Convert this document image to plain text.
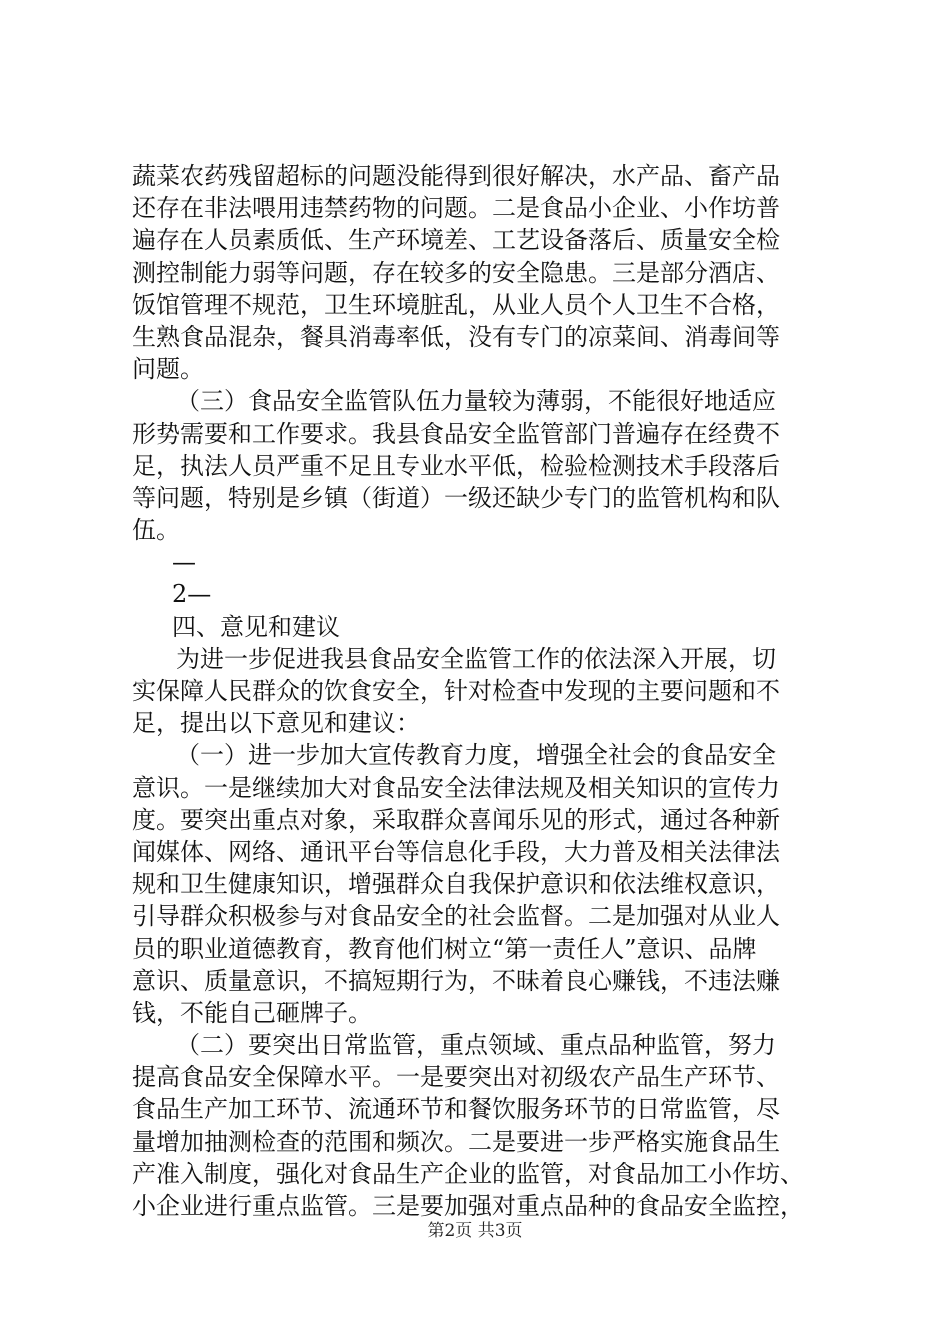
蔬菜农药残留超标的问题没能得到很好解决，水产品、畜产品
还存在非法喂用违禁药物的问题。二是食品小企业、小作坊普
遍存在人员素质低、生产环境差、工艺设备落后、质量安全检
测控制能力弱等问题，存在较多的安全隐患。三是部分酒店、
饭馆管理不规范，卫生环境脏乱，从业人员个人卫生不合格，
生熟食品混杂，餐具消毒率低，没有专门的凉菜间、消毒间等
问题。
（三）食品安全监管队伍力量较为薄弱，不能很好地适应
形势需要和工作要求。我县食品安全监管部门普遍存在经费不
足，执法人员严重不足且专业水平低，检验检测技术手段落后
等问题，特别是乡镇（街道）一级还缺少专门的监管机构和队
伍。
—
2—
四、意见和建议
为进一步促进我县食品安全监管工作的依法深入开展，切
实保障人民群众的饮食安全，针对检查中发现的主要问题和不
足，提出以下意见和建议：
（一）进一步加大宣传教育力度，增强全社会的食品安全
意识。一是继续加大对食品安全法律法规及相关知识的宣传力
度。要突出重点对象，采取群众喜闻乐见的形式，通过各种新
闻媒体、网络、通讯平台等信息化手段，大力普及相关法律法
规和卫生健康知识，增强群众自我保护意识和依法维权意识，
引导群众积极参与对食品安全的社会监督。二是加强对从业人
员的职业道德教育，教育他们树立“第一责任人”意识、品牌
意识、质量意识，不搞短期行为，不昧着良心赚钱，不违法赚
钱，不能自己砸牌子。
（二）要突出日常监管，重点领域、重点品种监管，努力
提高食品安全保障水平。一是要突出对初级农产品生产环节、
食品生产加工环节、流通环节和餐饮服务环节的日常监管，尽
量增加抽测检查的范围和频次。二是要进一步严格实施食品生
产准入制度，强化对食品生产企业的监管，对食品加工小作坊、
小企业进行重点监管。三是要加强对重点品种的食品安全监控，
第2页 共3页
